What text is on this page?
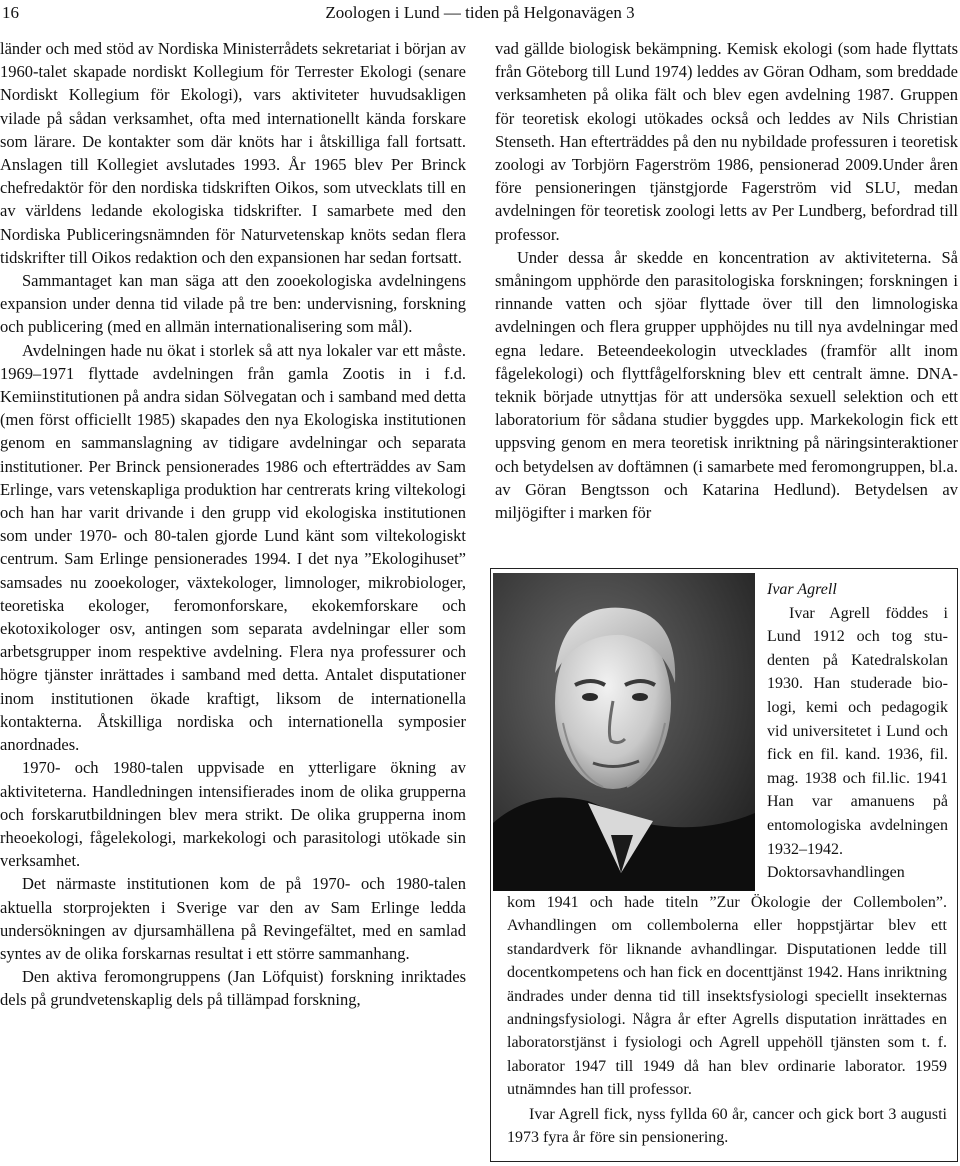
16	Zoologen i Lund — tiden på Helgonavägen 3

länder och med stöd av Nordiska Ministerrådets sekretariat i början av 1960-talet skapade nordiskt Kollegium för Terrester Ekologi (senare Nordiskt Kollegium för Ekologi), vars aktiviteter huvudsakligen vilade på sådan verksamhet, ofta med internationellt kända forskare som lärare. De kontakter som där knöts har i åtskilliga fall fortsatt. Anslagen till Kollegiet avslutades 1993. År 1965 blev Per Brinck chefredaktör för den nordiska tidskriften Oikos, som utvecklats till en av världens ledande ekologiska tidskrifter. I samarbete med den Nordiska Publiceringsnämnden för Naturvetenskap knöts sedan flera tidskrifter till Oikos redaktion och den expansionen har sedan fortsatt.

Sammantaget kan man säga att den zooekologiska avdelningens expansion under denna tid vilade på tre ben: undervisning, forskning och publicering (med en allmän internationalisering som mål).

Avdelningen hade nu ökat i storlek så att nya lokaler var ett måste. 1969–1971 flyttade avdelningen från gamla Zootis in i f.d. Kemiinstitutionen på andra sidan Sölvegatan och i samband med detta (men först officiellt 1985) skapades den nya Ekologiska institutionen genom en sammanslagning av tidigare avdelningar och separata institutioner. Per Brinck pensionerades 1986 och efterträddes av Sam Erlinge, vars vetenskapliga produktion har centrerats kring viltekologi och han har varit drivande i den grupp vid ekologiska institutionen som under 1970- och 80-talen gjorde Lund känt som viltekologiskt centrum. Sam Erlinge pensionerades 1994. I det nya ”Ekologihuset” samsades nu zooekologer, växtekologer, limnologer, mikrobiologer, teoretiska ekologer, feromonforskare, ekokemforskare och ekotoxikologer osv, antingen som separata avdelningar eller som arbetsgrupper inom respektive avdelning. Flera nya professurer och högre tjänster inrättades i samband med detta. Antalet disputationer inom institutionen ökade kraftigt, liksom de internationella kontakterna. Åtskilliga nordiska och internationella symposier anordnades.

1970- och 1980-talen uppvisade en ytterligare ökning av aktiviteterna. Handledningen intensifierades inom de olika grupperna och forskarutbildningen blev mera strikt. De olika grupperna inom rheoekologi, fågelekologi, markekologi och parasitologi utökade sin verksamhet.

Det närmaste institutionen kom de på 1970- och 1980-talen aktuella storprojekten i Sverige var den av Sam Erlinge ledda undersökningen av djursamhällena på Revingefältet, med en samlad syntes av de olika forskarnas resultat i ett större sammanhang.

Den aktiva feromongruppens (Jan Löfquist) forskning inriktades dels på grundvetenskaplig dels på tillämpad forskning,

vad gällde biologisk bekämpning. Kemisk ekologi (som hade flyttats från Göteborg till Lund 1974) leddes av Göran Odham, som breddade verksamheten på olika fält och blev egen avdelning 1987. Gruppen för teoretisk ekologi utökades också och leddes av Nils Christian Stenseth. Han efterträddes på den nu nybildade professuren i teoretisk zoologi av Torbjörn Fagerström 1986, pensionerad 2009.Under åren före pensioneringen tjänstgjorde Fagerström vid SLU, medan avdelningen för teoretisk zoologi letts av Per Lundberg, befordrad till professor.

Under dessa år skedde en koncentration av aktiviteterna. Så småningom upphörde den parasitologiska forskningen; forskningen i rinnande vatten och sjöar flyttade över till den limnologiska avdelningen och flera grupper upphöjdes nu till nya avdelningar med egna ledare. Beteendeekologin utvecklades (framför allt inom fågelekologi) och flyttfågelforskning blev ett centralt ämne. DNA-teknik började utnyttjas för att undersöka sexuell selektion och ett laboratorium för sådana studier byggdes upp. Markekologin fick ett uppsving genom en mera teoretisk inriktning på näringsinteraktioner och betydelsen av doftämnen (i samarbete med feromongruppen, bl.a. av Göran Bengtsson och Katarina Hedlund). Betydelsen av miljögifter i marken för

Ivar Agrell
Ivar Agrell föddes i Lund 1912 och tog studenten på Katedralskolan 1930. Han studerade biologi, kemi och pedagogik vid universitetet i Lund och fick en fil. kand. 1936, fil. mag. 1938 och fil.lic. 1941 Han var amanuens på entomologiska avdelningen 1932–1942. Doktorsavhandlingen

kom 1941 och hade titeln ”Zur Ökologie der Collembolen”. Avhandlingen om collembolerna eller hoppstjärtar blev ett standardverk för liknande avhandlingar. Disputationen ledde till docentkompetens och han fick en docenttjänst 1942. Hans inriktning ändrades under denna tid till insektsfysiologi speciellt insekternas andningsfysiologi. Några år efter Agrells disputation inrättades en laboratorstjänst i fysiologi och Agrell uppehöll tjänsten som t. f. laborator 1947 till 1949 då han blev ordinarie laborator. 1959 utnämndes han till professor.

Ivar Agrell fick, nyss fyllda 60 år, cancer och gick bort 3 augusti 1973 fyra år före sin pensionering.
